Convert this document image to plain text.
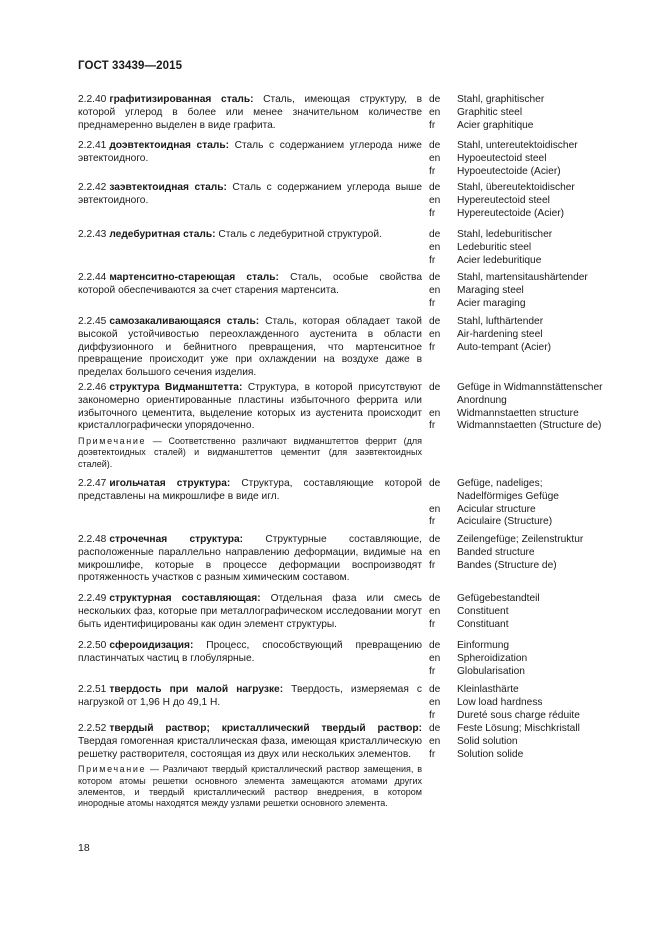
ГОСТ 33439—2015
2.2.40 графитизированная сталь: Сталь, имеющая структуру, в которой углерод в более или менее значительном количестве преднамеренно выделен в виде графита.
de
en
fr
Stahl, graphitischer
Graphitic steel
Acier graphitique
2.2.41 доэвтектоидная сталь: Сталь с содержанием углерода ниже эвтектоидного.
de
en
fr
Stahl, untereutektoidischer
Hypoeutectoid steel
Hypoeutectoide (Acier)
2.2.42 заэвтектоидная сталь: Сталь с содержанием углерода выше эвтектоидного.
de
en
fr
Stahl, übereutektoidischer
Hypereutectoid steel
Hypereutectoide (Acier)
2.2.43 ледебуритная сталь: Сталь с ледебуритной структурой.	de
en
fr
Stahl, ledeburitischer
Ledeburitic steel
Acier ledeburitique
2.2.44 мартенситно-стареющая сталь: Сталь, особые свойства которой обеспечиваются за счет старения мартенсита.
de
en
fr
Stahl, martensitaushärtender
Maraging steel
Acier maraging
2.2.45 самозакаливающаяся сталь: Сталь, которая обладает такой высокой устойчивостью переохлажденного аустенита в области диффузионного и бейнитного превращения, что мартенситное превращение происходит уже при охлаждении на воздухе даже в пределах большого сечения изделия.
de
en
fr
Stahl, lufthärtender
Air-hardening steel
Auto-tempant (Acier)
2.2.46 структура Видманштетта: Структура, в которой присутствуют закономерно ориентированные пластины избыточного феррита или избыточного цементита, выделение которых из аустенита происходит кристаллографически упорядоченно.
Примечание — Соответственно различают видманштеттов феррит (для доэвтектоидных сталей) и видманштеттов цементит (для заэвтектоидных сталей).
de
en
fr
Gefüge in Widmannstättenscher
Anordnung
Widmannstaetten structure
Widmannstaetten (Structure de)
2.2.47 игольчатая структура: Структура, составляющие которой представлены на микрошлифе в виде игл.
de
en
fr
Gefüge, nadeliges;
Nadelförmiges Gefüge
Acicular structure
Aciculaire (Structure)
2.2.48 строчечная структура: Структурные составляющие, расположенные параллельно направлению деформации, видимые на микрошлифе, которые в процессе деформации воспроизводят протяженность участков с разным химическим составом.
de
en
fr
Zeilengefüge; Zeilenstruktur
Banded structure
Bandes (Structure de)
2.2.49 структурная составляющая: Отдельная фаза или смесь нескольких фаз, которые при металлографическом исследовании могут быть идентифицированы как один элемент структуры.
de
en
fr
Gefügebestandteil
Constituent
Constituant
2.2.50 сфероидизация: Процесс, способствующий превращению пластинчатых частиц в глобулярные.
de
en
fr
Einformung
Spheroidization
Globularisation
2.2.51 твердость при малой нагрузке: Твердость, измеряемая с нагрузкой от 1,96 Н до 49,1 Н.
de
en
fr
Kleinlasthärte
Low load hardness
Dureté sous charge réduite
2.2.52 твердый раствор; кристаллический твердый раствор: Твердая гомогенная кристаллическая фаза, имеющая кристаллическую решетку растворителя, состоящая из двух или нескольких элементов.
Примечание — Различают твердый кристаллический раствор замещения, в котором атомы решетки основного элемента замещаются атомами других элементов, и твердый кристаллический раствор внедрения, в котором инородные атомы находятся между узлами решетки основного элемента.
de
en
fr
Feste Lösung; Mischkristall
Solid solution
Solution solide
18
